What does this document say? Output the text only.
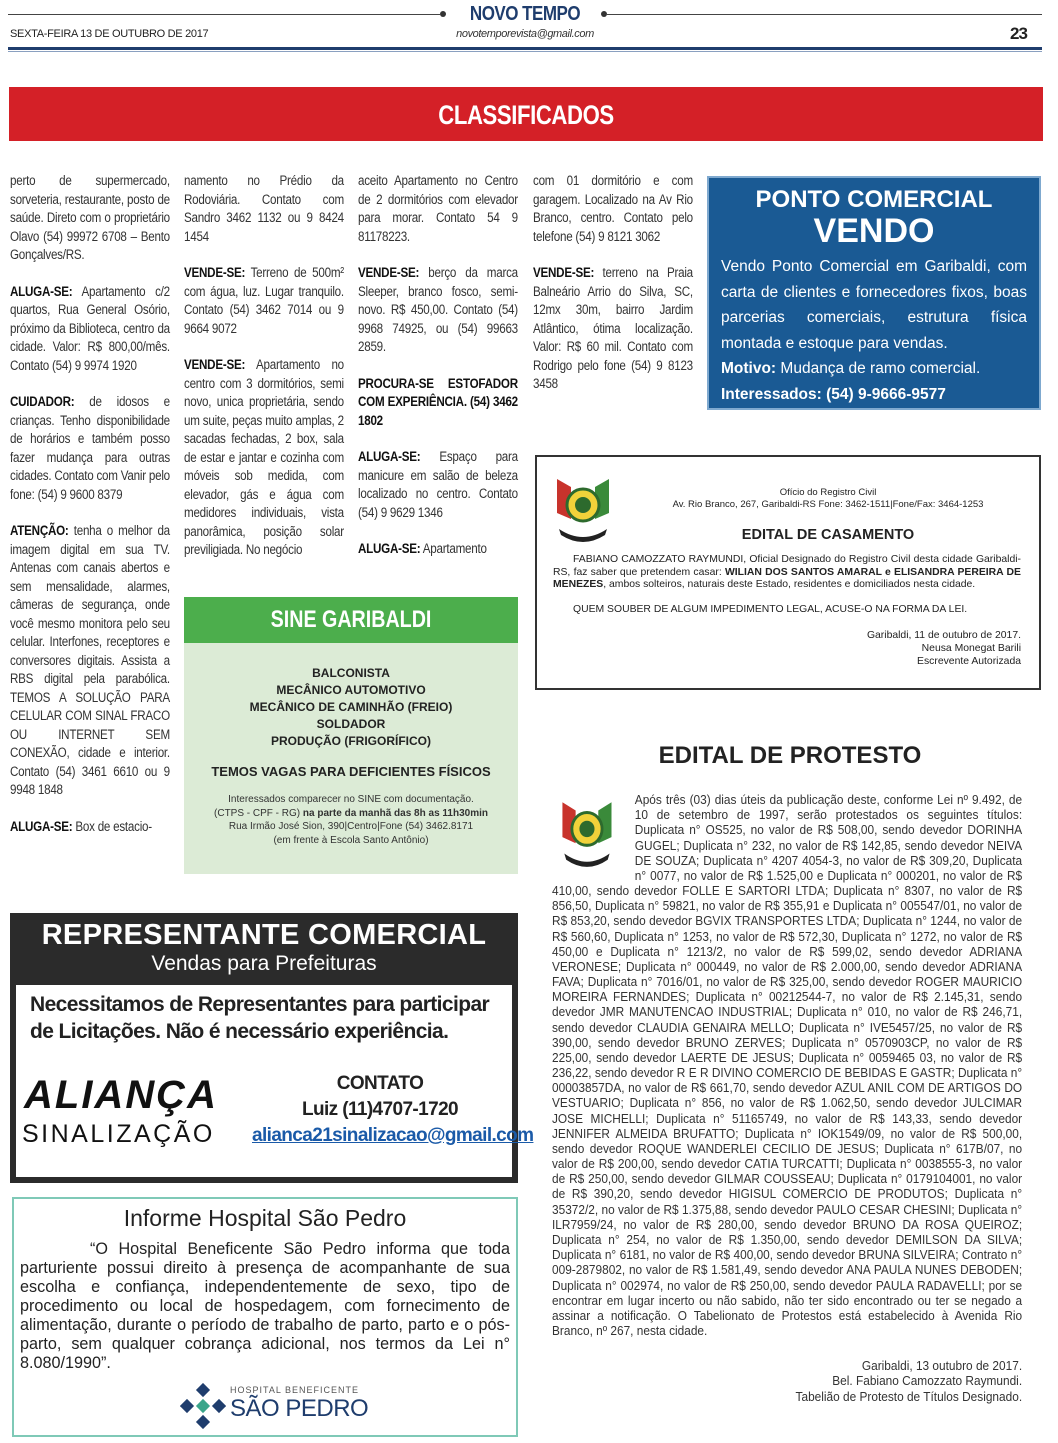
NOVO TEMPO
SEXTA-FEIRA 13 DE OUTUBRO DE 2017	novotemporevista@gmail.com	23
CLASSIFICADOS

perto de supermercado, sorveteria, restaurante, posto de saúde. Direto com o proprietário Olavo (54) 99972 6708 – Bento Gonçalves/RS.

ALUGA-SE: Apartamento c/2 quartos, Rua General Osório, próximo da Biblioteca, centro da cidade. Valor: R$ 800,00/mês. Contato (54) 9 9974 1920

CUIDADOR: de idosos e crianças. Tenho disponibilidade de horários e também posso fazer mudança para outras cidades. Contato com Vanir pelo fone: (54) 9 9600 8379

ATENÇÃO: tenha o melhor da imagem digital em sua TV. Antenas com canais abertos e sem mensalidade, alarmes, câmeras de segurança, onde você mesmo monitora pelo seu celular. Interfones, receptores e conversores digitais. Assista a RBS digital pela parabólica. TEMOS A SOLUÇÃO PARA CELULAR COM SINAL FRACO OU INTERNET SEM CONEXÃO, cidade e interior. Contato (54) 3461 6610 ou 9 9948 1848

ALUGA-SE: Box de estacio-

namento no Prédio da Rodoviária. Contato com Sandro 3462 1132 ou 9 8424 1454

VENDE-SE: Terreno de 500m² com água, luz. Lugar tranquilo. Contato (54) 3462 7014 ou 9 9664 9072

VENDE-SE: Apartamento no centro com 3 dormitórios, semi novo, unica proprietária, sendo um suite, peças muito amplas, 2 sacadas fechadas, 2 box, sala de estar e jantar e cozinha com móveis sob medida, com elevador, gás e água com medidores individuais, vista panorâmica, posição solar previligiada. No negócio

aceito Apartamento no Centro de 2 dormitórios com elevador para morar. Contato 54 9 81178223.

VENDE-SE: berço da marca Sleeper, branco fosco, semi-novo. R$ 450,00. Contato (54) 9968 74925, ou (54) 99663 2859.

PROCURA-SE ESTOFADOR COM EXPERIÊNCIA. (54) 3462 1802

ALUGA-SE: Espaço para manicure em salão de beleza localizado no centro. Contato (54) 9 9629 1346

ALUGA-SE: Apartamento

com 01 dormitório e com garagem. Localizado na Av Rio Branco, centro. Contato pelo telefone (54) 9 8121 3062

VENDE-SE: terreno na Praia Balneário Arrio do Silva, SC, 12mx 30m, bairro Jardim Atlântico, ótima localização. Valor: R$ 60 mil. Contato com Rodrigo pelo fone (54) 9 8123 3458

PONTO COMERCIAL
VENDO
Vendo Ponto Comercial em Garibaldi, com carta de clientes e fornecedores fixos, boas parcerias comerciais, estrutura física montada e estoque para vendas.
Motivo: Mudança de ramo comercial.
Interessados: (54) 9-9666-9577
Ofício do Registro Civil
Av. Rio Branco, 267, Garibaldi-RS Fone: 3462-1511|Fone/Fax: 3464-1253
EDITAL DE CASAMENTO
FABIANO CAMOZZATO RAYMUNDI, Oficial Designado do Registro Civil desta cidade Garibaldi-RS, faz saber que pretendem casar: WILIAN DOS SANTOS AMARAL e ELISANDRA PEREIRA DE MENEZES, ambos solteiros, naturais deste Estado, residentes e domiciliados nesta cidade.
QUEM SOUBER DE ALGUM IMPEDIMENTO LEGAL, ACUSE-O NA FORMA DA LEI.
Garibaldi, 11 de outubro de 2017.
Neusa Monegat Barili
Escrevente Autorizada
SINE GARIBALDI
BALCONISTA
MECÂNICO AUTOMOTIVO
MECÂNICO DE CAMINHÃO (FREIO)
SOLDADOR
PRODUÇÃO (FRIGORÍFICO)
TEMOS VAGAS PARA DEFICIENTES FÍSICOS
Interessados comparecer no SINE com documentação.
(CTPS - CPF - RG) na parte da manhã das 8h as 11h30min
Rua Irmão José Sion, 390|Centro|Fone (54) 3462.8171
(em frente à Escola Santo Antônio)
EDITAL DE PROTESTO
Após três (03) dias úteis da publicação deste, conforme Lei nº 9.492, de 10 de setembro de 1997, serão protestados os seguintes títulos: Duplicata n° OS525, no valor de R$ 508,00, sendo devedor DORINHA GUGEL; Duplicata n° 232, no valor de R$ 142,85, sendo devedor NEIVA DE SOUZA; Duplicata n° 4207 4054-3, no valor de R$ 309,20, Duplicata n° 0077, no valor de R$ 1.525,00 e Duplicata n° 000201, no valor de R$ 410,00, sendo devedor FOLLE E SARTORI LTDA; Duplicata n° 8307, no valor de R$ 856,50, Duplicata n° 59821, no valor de R$ 355,91 e Duplicata n° 005547/01, no valor de R$ 853,20, sendo devedor BGVIX TRANSPORTES LTDA; Duplicata n° 1244, no valor de R$ 560,60, Duplicata n° 1253, no valor de R$ 572,30, Duplicata n° 1272, no valor de R$ 450,00 e Duplicata n° 1213/2, no valor de R$ 599,02, sendo devedor ADRIANA VERONESE; Duplicata n° 000449, no valor de R$ 2.000,00, sendo devedor ADRIANA FAVA; Duplicata n° 7016/01, no valor de R$ 325,00, sendo devedor ROGER MAURICIO MOREIRA FERNANDES; Duplicata n° 00212544-7, no valor de R$ 2.145,31, sendo devedor JMR MANUTENCAO INDUSTRIAL; Duplicata n° 010, no valor de R$ 246,71, sendo devedor CLAUDIA GENAIRA MELLO; Duplicata n° IVE5457/25, no valor de R$ 390,00, sendo devedor BRUNO ZERVES; Duplicata n° 0570903CP, no valor de R$ 225,00, sendo devedor LAERTE DE JESUS; Duplicata n° 0059465 03, no valor de R$ 236,22, sendo devedor R E R DIVINO COMERCIO DE BEBIDAS E GASTR; Duplicata n° 00003857DA, no valor de R$ 661,70, sendo devedor AZUL ANIL COM DE ARTIGOS DO VESTUARIO; Duplicata n° 856, no valor de R$ 1.062,50, sendo devedor JULCIMAR JOSE MICHELLI; Duplicata n° 51165749, no valor de R$ 143,33, sendo devedor JENNIFER ALMEIDA BRUFATTO; Duplicata n° IOK1549/09, no valor de R$ 500,00, sendo devedor ROQUE WANDERLEI CECILIO DE JESUS; Duplicata n° 617B/07, no valor de R$ 200,00, sendo devedor CATIA TURCATTI; Duplicata n° 0038555-3, no valor de R$ 250,00, sendo devedor GILMAR COUSSEAU; Duplicata n° 0179104001, no valor de R$ 390,20, sendo devedor HIGISUL COMERCIO DE PRODUTOS; Duplicata n° 35372/2, no valor de R$ 1.375,88, sendo devedor PAULO CESAR CHESINI; Duplicata n° ILR7959/24, no valor de R$ 280,00, sendo devedor BRUNO DA ROSA QUEIROZ; Duplicata n° 254, no valor de R$ 1.350,00, sendo devedor DEMILSON DA SILVA; Duplicata n° 6181, no valor de R$ 400,00, sendo devedor BRUNA SILVEIRA; Contrato n° 009-2879802, no valor de R$ 1.581,49, sendo devedor ANA PAULA NUNES DEBODEN; Duplicata n° 002974, no valor de R$ 250,00, sendo devedor PAULA RADAVELLI; por se encontrar em lugar incerto ou não sabido, não ter sido encontrado ou ter se negado a assinar a notificação. O Tabelionato de Protestos está estabelecido à Avenida Rio Branco, nº 267, nesta cidade.
Garibaldi, 13 outubro de 2017.
Bel. Fabiano Camozzato Raymundi.
Tabelião de Protesto de Títulos Designado.
REPRESENTANTE COMERCIAL
Vendas para Prefeituras
Necessitamos de Representantes para participar de Licitações. Não é necessário experiência.
ALIANÇA
SINALIZAÇÃO
CONTATO
Luiz (11)4707-1720
alianca21sinalizacao@gmail.com
Informe Hospital São Pedro
“O Hospital Beneficente São Pedro informa que toda parturiente possui direito à presença de acompanhante de sua escolha e confiança, independentemente de sexo, tipo de procedimento ou local de hospedagem, com fornecimento de alimentação, durante o período de trabalho de parto, parto e o pós-parto, sem qualquer cobrança adicional, nos termos da Lei n° 8.080/1990”.
HOSPITAL BENEFICENTE
SÃO PEDRO
